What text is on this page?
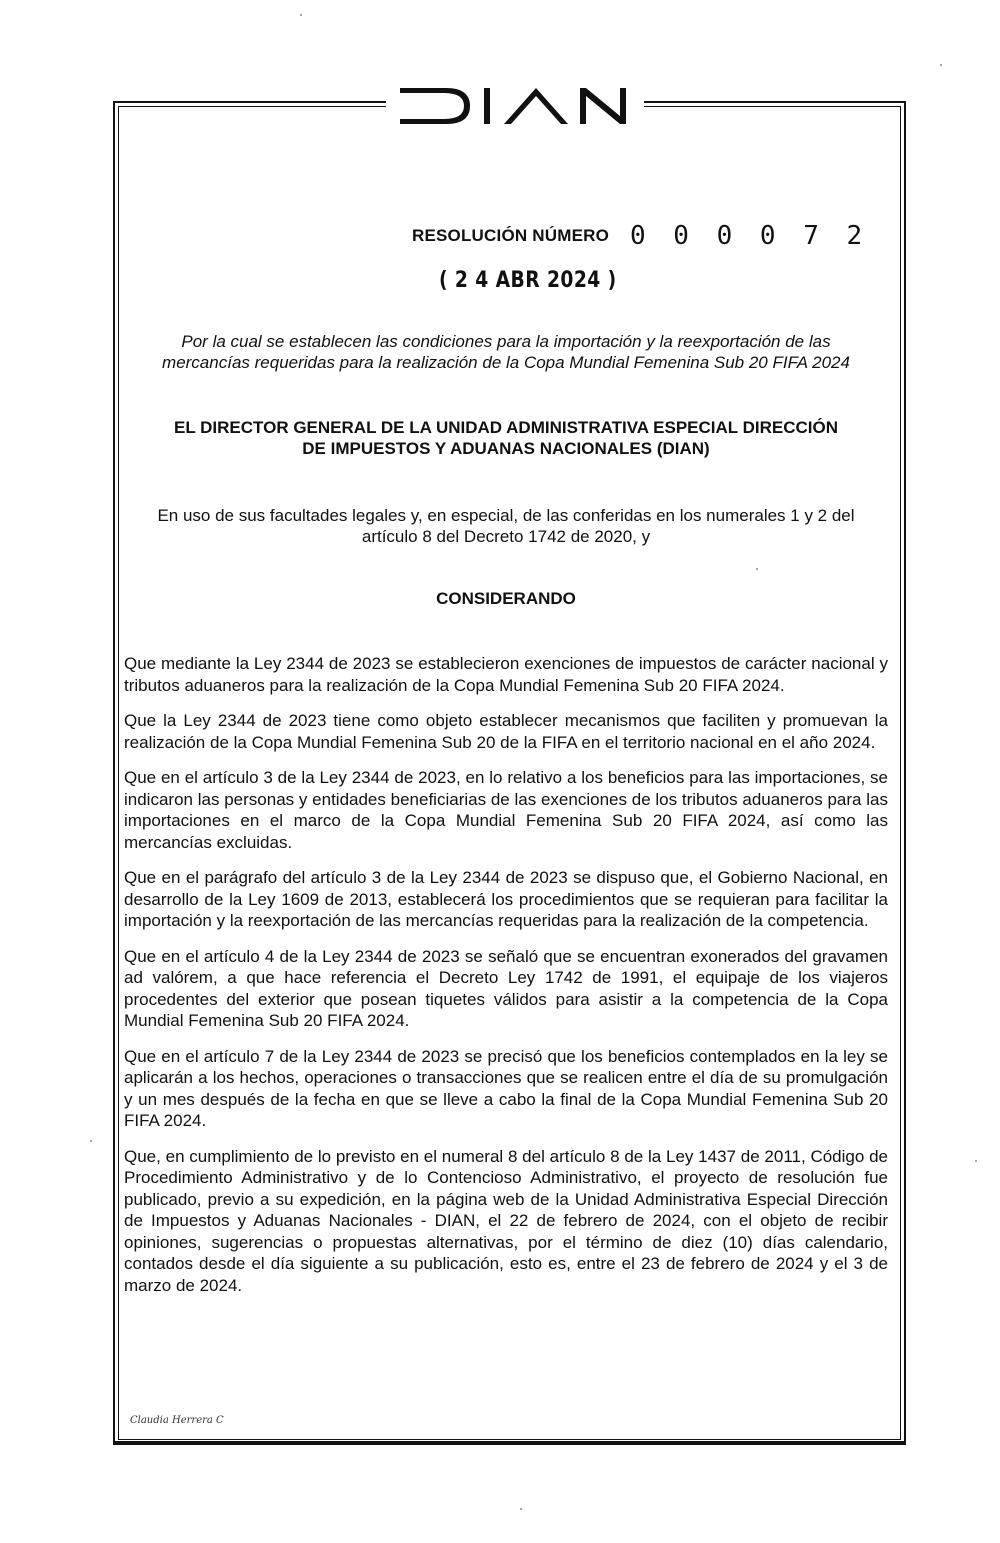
RESOLUCIÓN NÚMERO 0 0 0 0 7 2
( 2 4 ABR 2024 )
Por la cual se establecen las condiciones para la importación y la reexportación de las
mercancías requeridas para la realización de la Copa Mundial Femenina Sub 20 FIFA 2024
EL DIRECTOR GENERAL DE LA UNIDAD ADMINISTRATIVA ESPECIAL DIRECCIÓN
DE IMPUESTOS Y ADUANAS NACIONALES (DIAN)
En uso de sus facultades legales y, en especial, de las conferidas en los numerales 1 y 2 del
artículo 8 del Decreto 1742 de 2020, y
CONSIDERANDO

Que mediante la Ley 2344 de 2023 se establecieron exenciones de impuestos de carácter nacional y tributos aduaneros para la realización de la Copa Mundial Femenina Sub 20 FIFA 2024.

Que la Ley 2344 de 2023 tiene como objeto establecer mecanismos que faciliten y promuevan la realización de la Copa Mundial Femenina Sub 20 de la FIFA en el territorio nacional en el año 2024.

Que en el artículo 3 de la Ley 2344 de 2023, en lo relativo a los beneficios para las importaciones, se indicaron las personas y entidades beneficiarias de las exenciones de los tributos aduaneros para las importaciones en el marco de la Copa Mundial Femenina Sub 20 FIFA 2024, así como las mercancías excluidas.

Que en el parágrafo del artículo 3 de la Ley 2344 de 2023 se dispuso que, el Gobierno Nacional, en desarrollo de la Ley 1609 de 2013, establecerá los procedimientos que se requieran para facilitar la importación y la reexportación de las mercancías requeridas para la realización de la competencia.

Que en el artículo 4 de la Ley 2344 de 2023 se señaló que se encuentran exonerados del gravamen ad valórem, a que hace referencia el Decreto Ley 1742 de 1991, el equipaje de los viajeros procedentes del exterior que posean tiquetes válidos para asistir a la competencia de la Copa Mundial Femenina Sub 20 FIFA 2024.

Que en el artículo 7 de la Ley 2344 de 2023 se precisó que los beneficios contemplados en la ley se aplicarán a los hechos, operaciones o transacciones que se realicen entre el día de su promulgación y un mes después de la fecha en que se lleve a cabo la final de la Copa Mundial Femenina Sub 20 FIFA 2024.

Que, en cumplimiento de lo previsto en el numeral 8 del artículo 8 de la Ley 1437 de 2011, Código de Procedimiento Administrativo y de lo Contencioso Administrativo, el proyecto de resolución fue publicado, previo a su expedición, en la página web de la Unidad Administrativa Especial Dirección de Impuestos y Aduanas Nacionales - DIAN, el 22 de febrero de 2024, con el objeto de recibir opiniones, sugerencias o propuestas alternativas, por el término de diez (10) días calendario, contados desde el día siguiente a su publicación, esto es, entre el 23 de febrero de 2024 y el 3 de marzo de 2024.

Claudia Herrera C
